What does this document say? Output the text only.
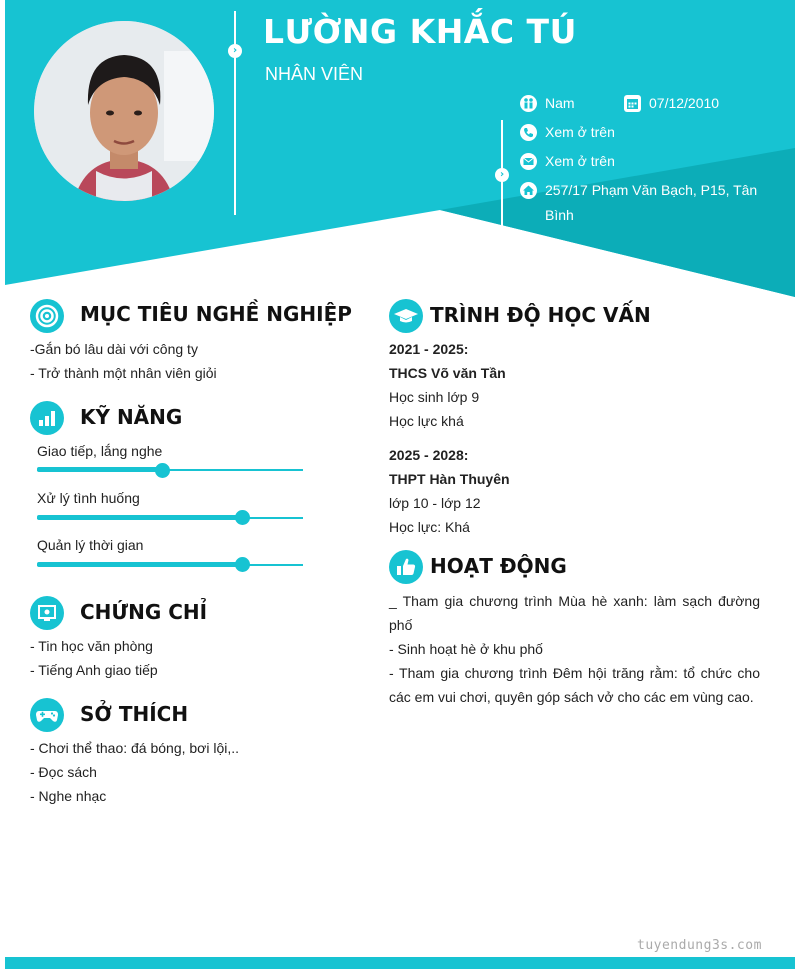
›
›
LƯỜNG KHẮC TÚ
NHÂN VIÊN
Nam	07/12/2010
Xem ở trên
Xem ở trên
257/17 Phạm Văn Bạch, P15, Tân
Bình
MỤC TIÊU NGHỀ NGHIỆP
-Gắn bó lâu dài với công ty
- Trở thành một nhân viên giỏi
KỸ NĂNG
Giao tiếp, lắng nghe
Xử lý tình huống
Quản lý thời gian
CHỨNG CHỈ
- Tin học văn phòng
- Tiếng Anh giao tiếp
SỞ THÍCH
- Chơi thể thao: đá bóng, bơi lội,..
- Đọc sách
- Nghe nhạc
TRÌNH ĐỘ HỌC VẤN
2021 - 2025:
THCS Võ văn Tần
Học sinh lớp 9
Học lực khá
2025 - 2028:
THPT Hàn Thuyên
lớp 10 - lớp 12
Học lực: Khá
HOẠT ĐỘNG

_ Tham gia chương trình Mùa hè xanh: làm sạch đường phố

- Sinh hoạt hè ở khu phố

- Tham gia chương trình Đêm hội trăng rằm: tổ chức cho các em vui chơi, quyên góp sách vở cho các em vùng cao.

tuyendung3s.com
